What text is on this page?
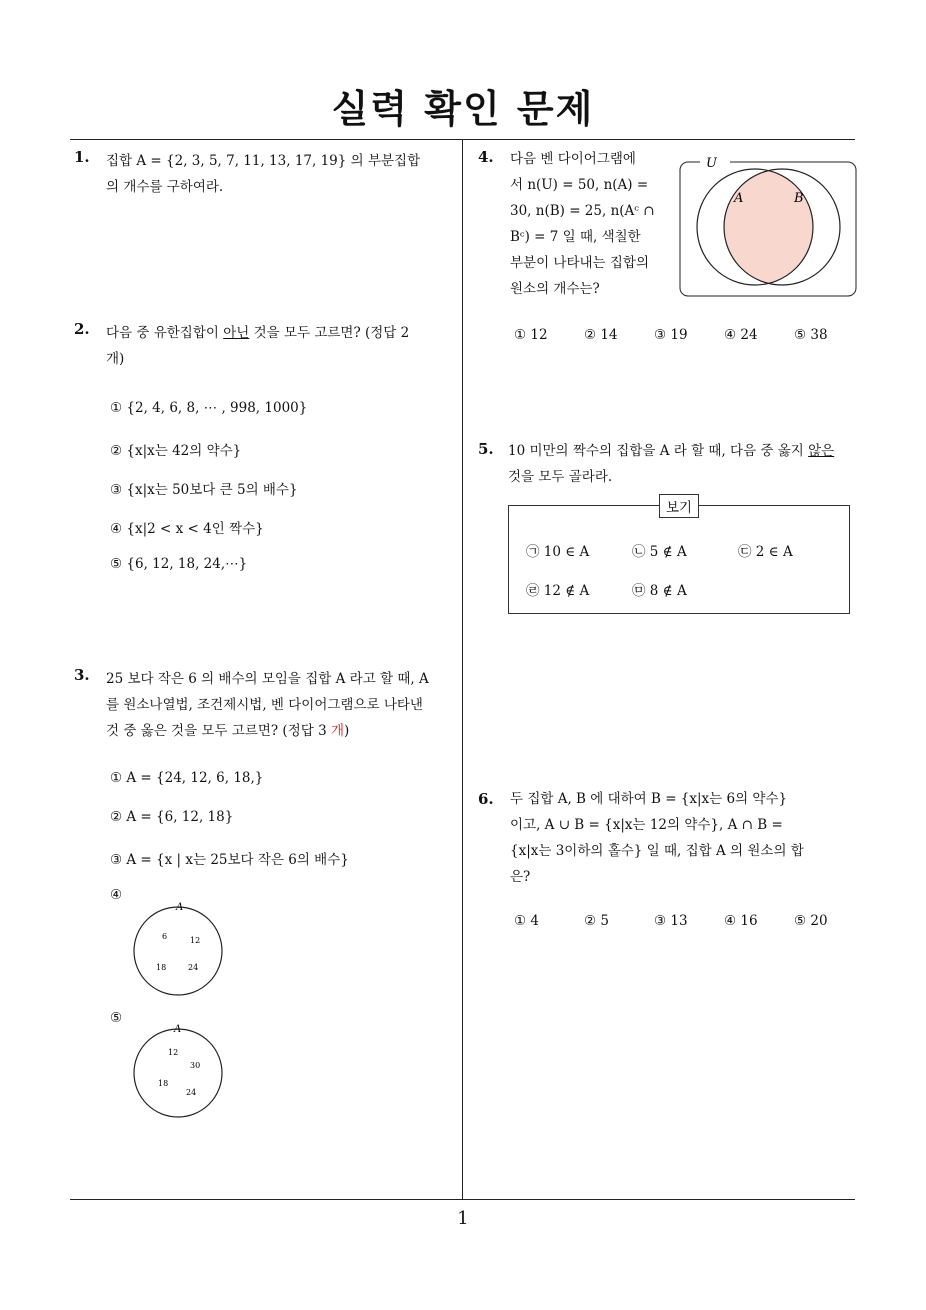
실력 확인 문제
1
1. 집합 A = {2, 3, 5, 7, 11, 13, 17, 19} 의 부분집합
의 개수를 구하여라.
2. 다음 중 유한집합이 아닌 것을 모두 고르면? (정답 2
개)
① {2, 4, 6, 8, ⋯ , 998, 1000}
② {x|x는 42의 약수}
③ {x|x는 50보다 큰 5의 배수}
④ {x|2 < x < 4인 짝수}
⑤ {6, 12, 18, 24,⋯}
3. 25 보다 작은 6 의 배수의 모임을 집합 A 라고 할 때, A
를 원소나열법, 조건제시법, 벤 다이어그램으로 나타낸
것 중 옳은 것을 모두 고르면? (정답 3 개)
① A = {24, 12, 6, 18,}
② A = {6, 12, 18}
③ A = {x | x는 25보다 작은 6의 배수}
④
⑤
A
6	12
18	24
A
12
30
18
24
4. 다음 벤 다이어그램에
서 n(U) = 50, n(A) =
30, n(B) = 25, n(Aᶜ ∩
Bᶜ) = 7 일 때, 색칠한
부분이 나타내는 집합의
원소의 개수는?
U
A	B
① 12	② 14	③ 19	④ 24	⑤ 38
5. 10 미만의 짝수의 집합을 A 라 할 때, 다음 중 옳지 않은
것을 모두 골라라.
보기
㉠ 10 ∈ A	㉡ 5 ∉ A	㉢ 2 ∈ A
㉣ 12 ∉ A	㉤ 8 ∉ A
6. 두 집합 A, B 에 대하여 B = {x|x는 6의 약수}
이고, A ∪ B = {x|x는 12의 약수}, A ∩ B =
{x|x는 3이하의 홀수} 일 때, 집합 A 의 원소의 합
은?
① 4	② 5	③ 13	④ 16	⑤ 20
